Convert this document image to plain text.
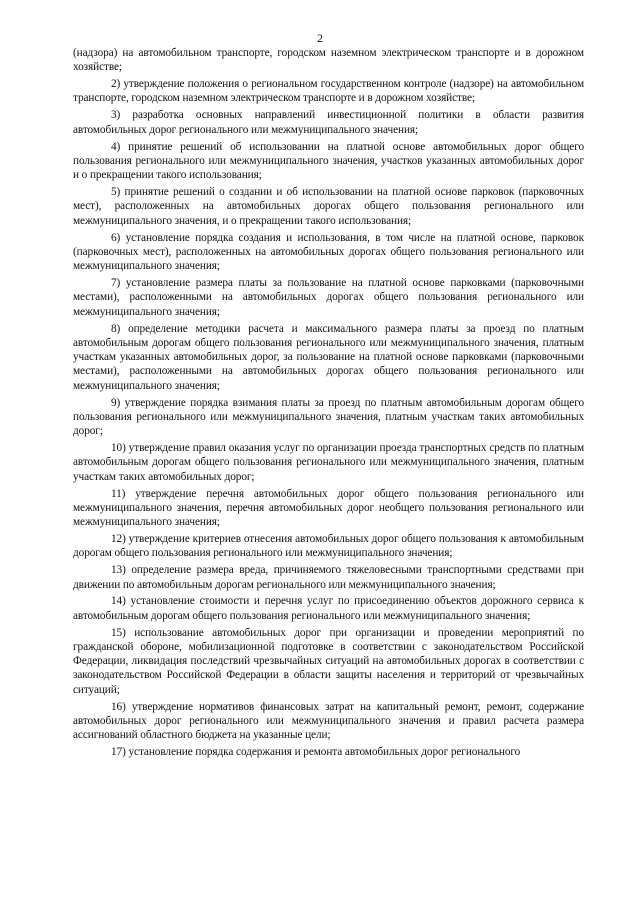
2

(надзора) на автомобильном транспорте, городском наземном электрическом транспорте и в дорожном хозяйстве;

2) утверждение положения о региональном государственном контроле (надзоре) на автомобильном транспорте, городском наземном электрическом транспорте и в дорожном хозяйстве;

3) разработка основных направлений инвестиционной политики в области развития автомобильных дорог регионального или межмуниципального значения;

4) принятие решений об использовании на платной основе автомобильных дорог общего пользования регионального или межмуниципального значения, участков указанных автомобильных дорог и о прекращении такого использования;

5) принятие решений о создании и об использовании на платной основе парковок (парковочных мест), расположенных на автомобильных дорогах общего пользования регионального или межмуниципального значения, и о прекращении такого использования;

6) установление порядка создания и использования, в том числе на платной основе, парковок (парковочных мест), расположенных на автомобильных дорогах общего пользования регионального или межмуниципального значения;

7) установление размера платы за пользование на платной основе парковками (парковочными местами), расположенными на автомобильных дорогах общего пользования регионального или межмуниципального значения;

8) определение методики расчета и максимального размера платы за проезд по платным автомобильным дорогам общего пользования регионального или межмуниципального значения, платным участкам указанных автомобильных дорог, за пользование на платной основе парковками (парковочными местами), расположенными на автомобильных дорогах общего пользования регионального или межмуниципального значения;

9) утверждение порядка взимания платы за проезд по платным автомобильным дорогам общего пользования регионального или межмуниципального значения, платным участкам таких автомобильных дорог;

10) утверждение правил оказания услуг по организации проезда транспортных средств по платным автомобильным дорогам общего пользования регионального или межмуниципального значения, платным участкам таких автомобильных дорог;

11) утверждение перечня автомобильных дорог общего пользования регионального или межмуниципального значения, перечня автомобильных дорог необщего пользования регионального или межмуниципального значения;

12) утверждение критериев отнесения автомобильных дорог общего пользования к автомобильным дорогам общего пользования регионального или межмуниципального значения;

13) определение размера вреда, причиняемого тяжеловесными транспортными средствами при движении по автомобильным дорогам регионального или межмуниципального значения;

14) установление стоимости и перечня услуг по присоединению объектов дорожного сервиса к автомобильным дорогам общего пользования регионального или межмуниципального значения;

15) использование автомобильных дорог при организации и проведении мероприятий по гражданской обороне, мобилизационной подготовке в соответствии с законодательством Российской Федерации, ликвидация последствий чрезвычайных ситуаций на автомобильных дорогах в соответствии с законодательством Российской Федерации в области защиты населения и территорий от чрезвычайных ситуаций;

16) утверждение нормативов финансовых затрат на капитальный ремонт, ремонт, содержание автомобильных дорог регионального или межмуниципального значения и правил расчета размера ассигнований областного бюджета на указанные цели;

17) установление порядка содержания и ремонта автомобильных дорог регионального
